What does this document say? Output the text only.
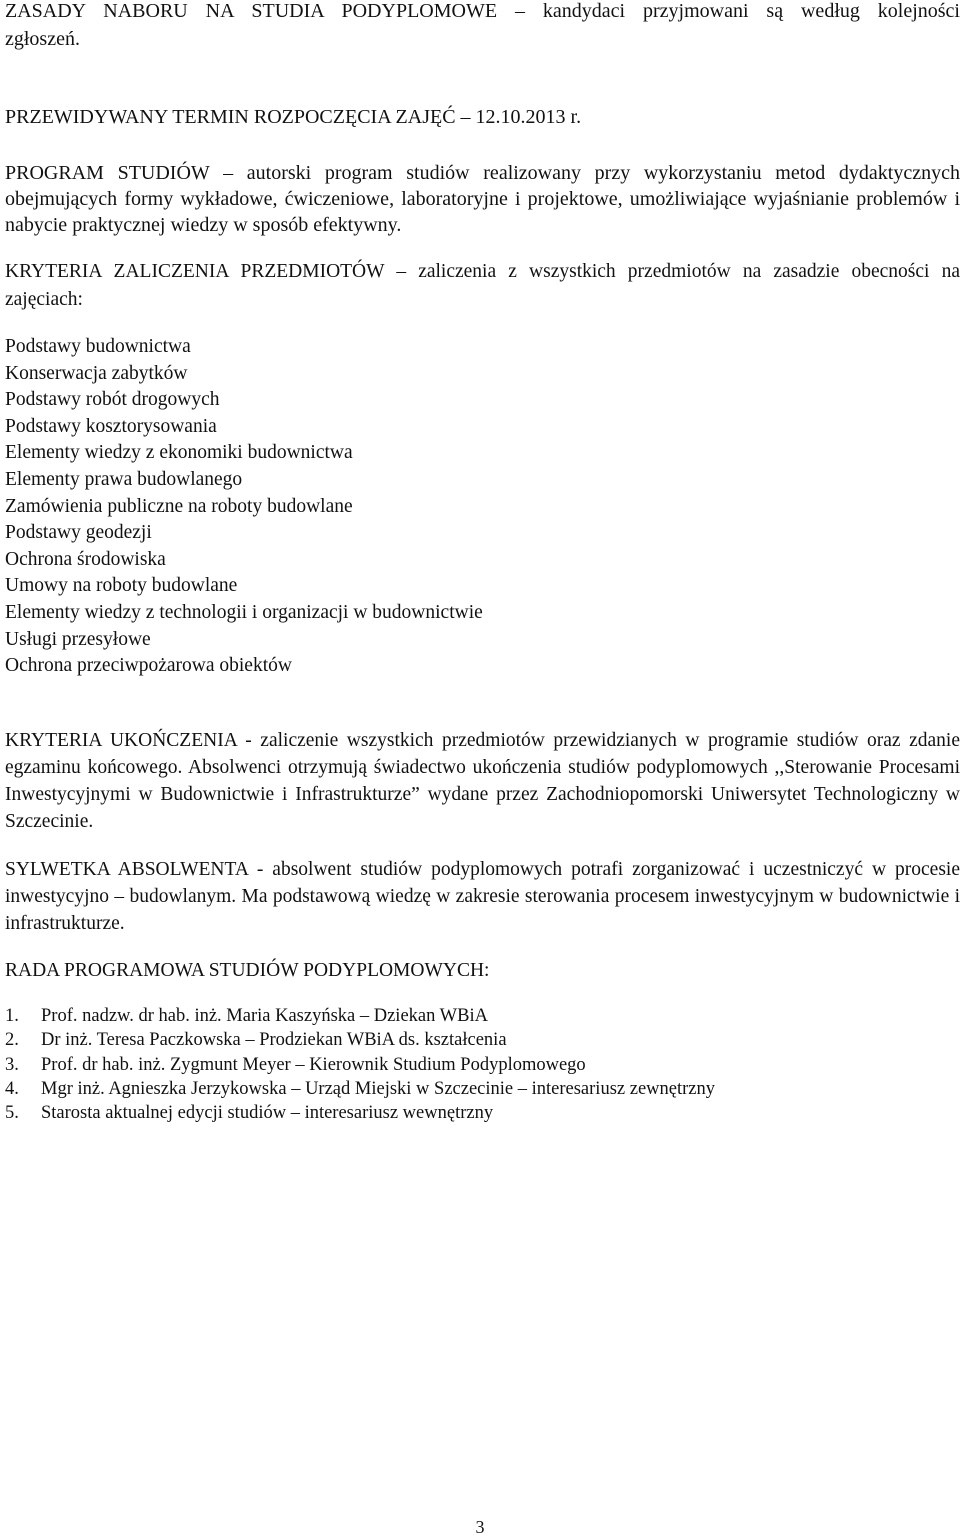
ZASADY NABORU NA STUDIA PODYPLOMOWE – kandydaci przyjmowani są według kolejności zgłoszeń.

PRZEWIDYWANY TERMIN ROZPOCZĘCIA ZAJĘĆ – 12.10.2013 r.

PROGRAM STUDIÓW – autorski program studiów realizowany przy wykorzystaniu metod dydaktycznych obejmujących formy wykładowe, ćwiczeniowe, laboratoryjne i projektowe, umożliwiające wyjaśnianie problemów i nabycie praktycznej wiedzy w sposób efektywny.

KRYTERIA ZALICZENIA PRZEDMIOTÓW – zaliczenia z wszystkich przedmiotów na zasadzie obecności na zajęciach:

Podstawy budownictwa
Konserwacja zabytków
Podstawy robót drogowych
Podstawy kosztorysowania
Elementy wiedzy z ekonomiki budownictwa
Elementy prawa budowlanego
Zamówienia publiczne na roboty budowlane
Podstawy geodezji
Ochrona środowiska
Umowy na roboty budowlane
Elementy wiedzy z technologii i organizacji w budownictwie
Usługi przesyłowe
Ochrona przeciwpożarowa obiektów

KRYTERIA UKOŃCZENIA - zaliczenie wszystkich przedmiotów przewidzianych w programie studiów oraz zdanie egzaminu końcowego. Absolwenci otrzymują świadectwo ukończenia studiów podyplomowych ,,Sterowanie Procesami Inwestycyjnymi w Budownictwie i Infrastrukturze” wydane przez Zachodniopomorski Uniwersytet Technologiczny w Szczecinie.

SYLWETKA ABSOLWENTA - absolwent studiów podyplomowych potrafi zorganizować i uczestniczyć w procesie inwestycyjno – budowlanym. Ma podstawową wiedzę w zakresie sterowania procesem inwestycyjnym w budownictwie i infrastrukturze.

RADA PROGRAMOWA STUDIÓW PODYPLOMOWYCH:

1. Prof. nadzw. dr hab. inż. Maria Kaszyńska – Dziekan WBiA
2. Dr inż. Teresa Paczkowska – Prodziekan WBiA ds. kształcenia
3. Prof. dr hab. inż. Zygmunt Meyer – Kierownik Studium Podyplomowego
4. Mgr inż. Agnieszka Jerzykowska – Urząd Miejski w Szczecinie – interesariusz zewnętrzny
5. Starosta aktualnej edycji studiów – interesariusz wewnętrzny

3
